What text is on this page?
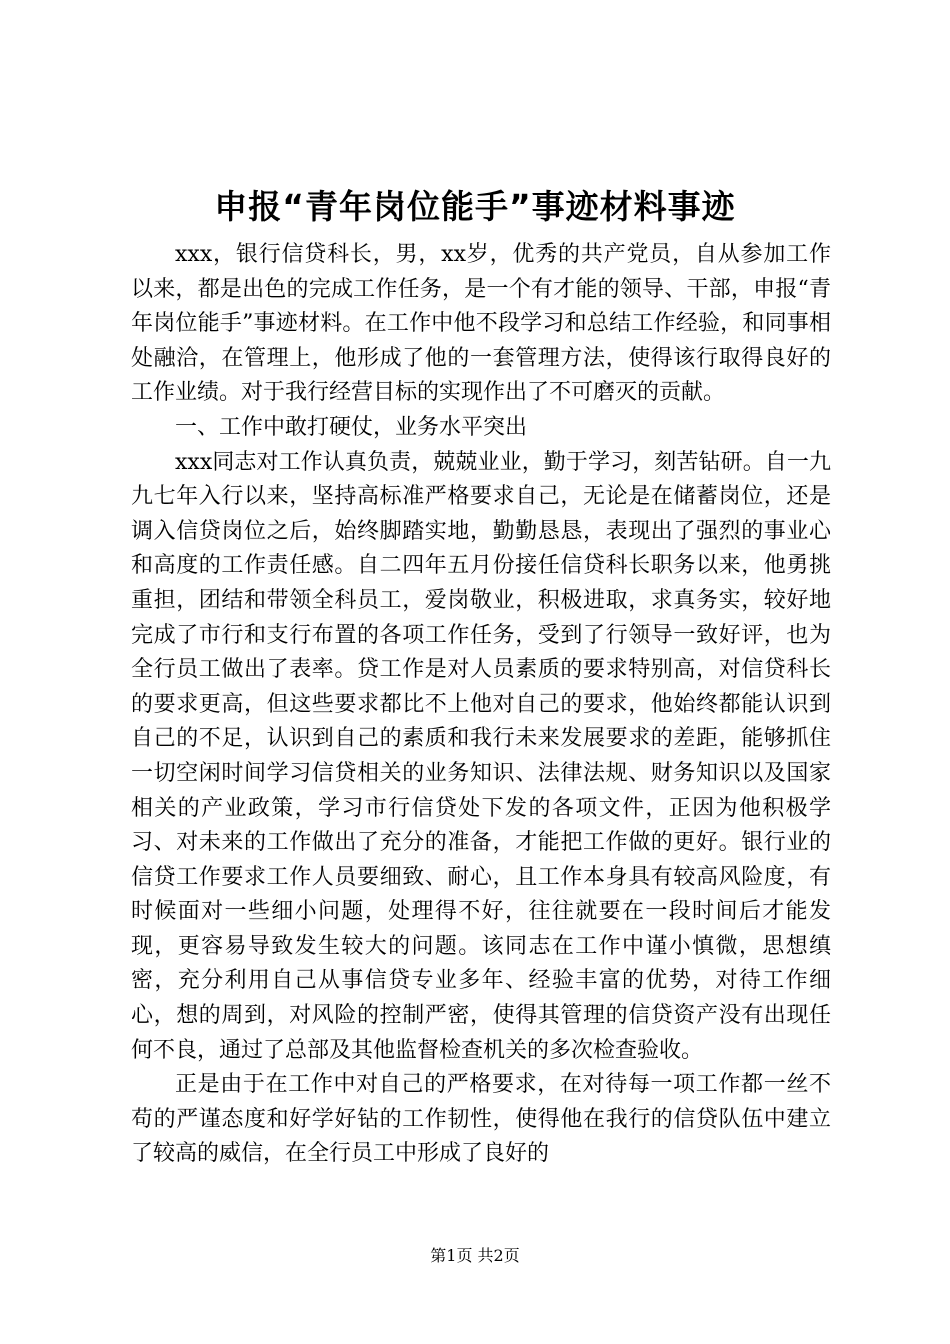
申报“青年岗位能手”事迹材料事迹

xxx，银行信贷科长，男，xx岁，优秀的共产党员，自从参加工作以来，都是出色的完成工作任务，是一个有才能的领导、干部，申报“青年岗位能手”事迹材料。在工作中他不段学习和总结工作经验，和同事相处融洽，在管理上，他形成了他的一套管理方法，使得该行取得良好的工作业绩。对于我行经营目标的实现作出了不可磨灭的贡献。

一、工作中敢打硬仗，业务水平突出

xxx同志对工作认真负责，兢兢业业，勤于学习，刻苦钻研。自一九九七年入行以来，坚持高标准严格要求自己，无论是在储蓄岗位，还是调入信贷岗位之后，始终脚踏实地，勤勤恳恳，表现出了强烈的事业心和高度的工作责任感。自二四年五月份接任信贷科长职务以来，他勇挑重担，团结和带领全科员工，爱岗敬业，积极进取，求真务实，较好地完成了市行和支行布置的各项工作任务，受到了行领导一致好评，也为全行员工做出了表率。贷工作是对人员素质的要求特别高，对信贷科长的要求更高，但这些要求都比不上他对自己的要求，他始终都能认识到自己的不足，认识到自己的素质和我行未来发展要求的差距，能够抓住一切空闲时间学习信贷相关的业务知识、法律法规、财务知识以及国家相关的产业政策，学习市行信贷处下发的各项文件，正因为他积极学习、对未来的工作做出了充分的准备，才能把工作做的更好。银行业的信贷工作要求工作人员要细致、耐心，且工作本身具有较高风险度，有时候面对一些细小问题，处理得不好，往往就要在一段时间后才能发现，更容易导致发生较大的问题。该同志在工作中谨小慎微，思想缜密，充分利用自己从事信贷专业多年、经验丰富的优势，对待工作细心，想的周到，对风险的控制严密，使得其管理的信贷资产没有出现任何不良，通过了总部及其他监督检查机关的多次检查验收。

正是由于在工作中对自己的严格要求，在对待每一项工作都一丝不苟的严谨态度和好学好钻的工作韧性，使得他在我行的信贷队伍中建立了较高的威信，在全行员工中形成了良好的

第1页 共2页
